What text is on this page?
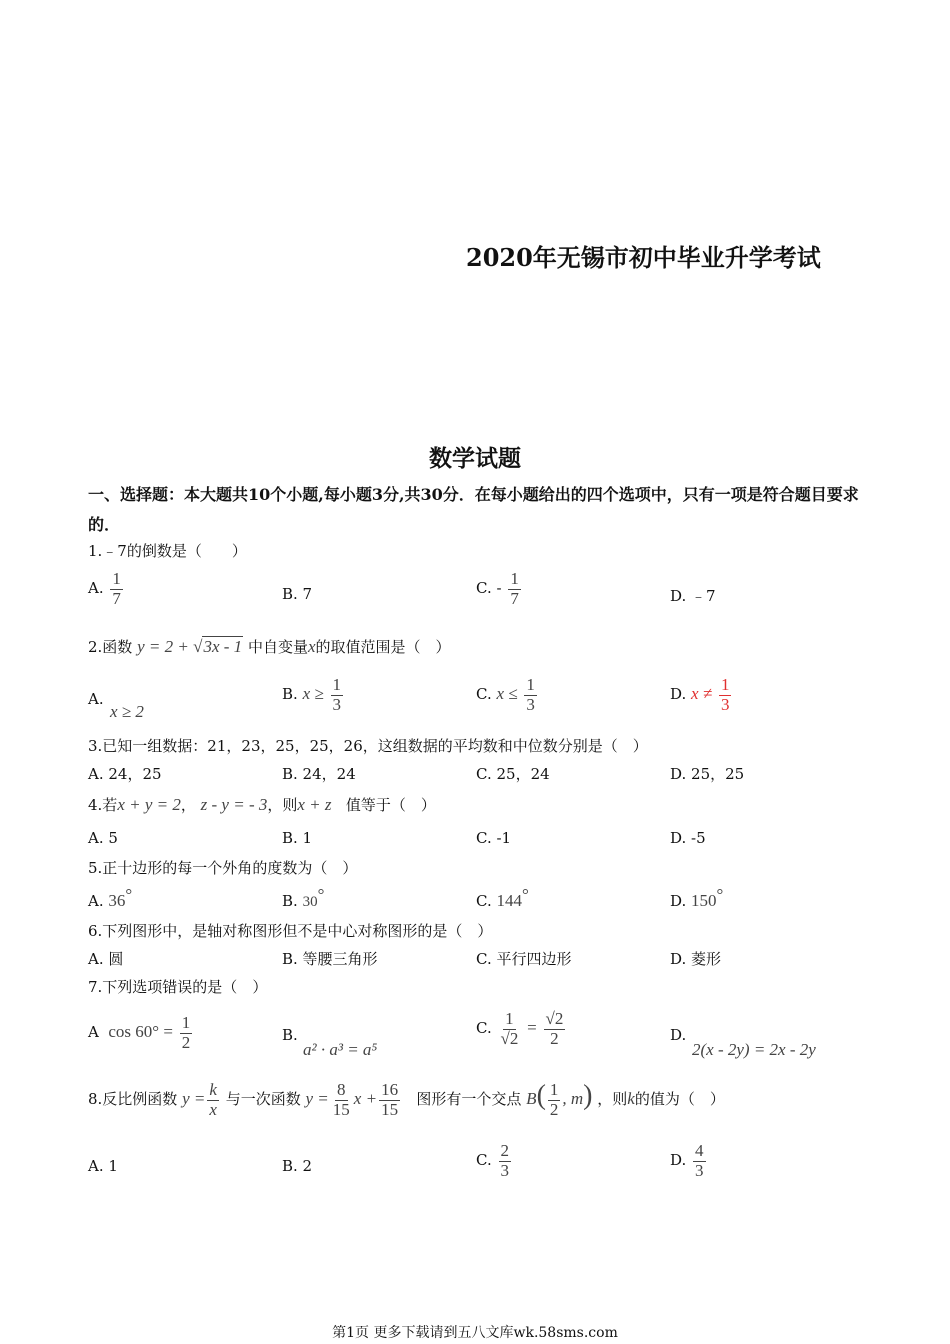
2020年无锡市初中毕业升学考试
数学试题
一、选择题：本大题共10个小题,每小题3分,共30分．在每小题给出的四个选项中，只有一项是符合题目要求的．
1.﹣7的倒数是（　　）
A. $\frac{1}{7}$	B. 7	C. - $\frac{1}{7}$	D. ﹣7
2.函数 y = 2 + √3x - 1 中自变量x的取值范围是（　）
A.
x ≥ 2
B. $x \ge \frac{1}{3}$	C. $x \le \frac{1}{3}$	D. $x \ne \frac{1}{3}$
3.已知一组数据：21，23，25，25，26，这组数据的平均数和中位数分别是（　）
A. 24，25	B. 24，24	C. 25，24	D. 25，25
4.若x + y = 2， z - y = - 3，则x + z 值等于（　）
A. 5	B. 1	C. -1	D. -5
5.正十边形的每一个外角的度数为（　）
A. 36°	B. 30°	C. 144°	D. 150°
6.下列图形中，是轴对称图形但不是中心对称图形的是（　）
A. 圆	B. 等腰三角形	C. 平行四边形	D. 菱形
7.下列选项错误的是（　）
A $\cos 60^\circ = \frac{1}{2}$	B.
a² · a³ = a⁵
C. $\frac{1}{√2} = \frac{√2}{2}$	D.
2(x - 2y) = 2x - 2y
8.反比例函数 $y = \frac{k}{x}$ 与一次函数 $y = \frac{8}{15}$ $x + \frac{16}{15}$ 图形有一个交点 $B( \frac{1}{2}$ , m) ，则k的值为（　）
A. 1	B. 2	C. $\frac{2}{3}$	D. $\frac{4}{3}$
第1页 更多下载请到五八文库wk.58sms.com
